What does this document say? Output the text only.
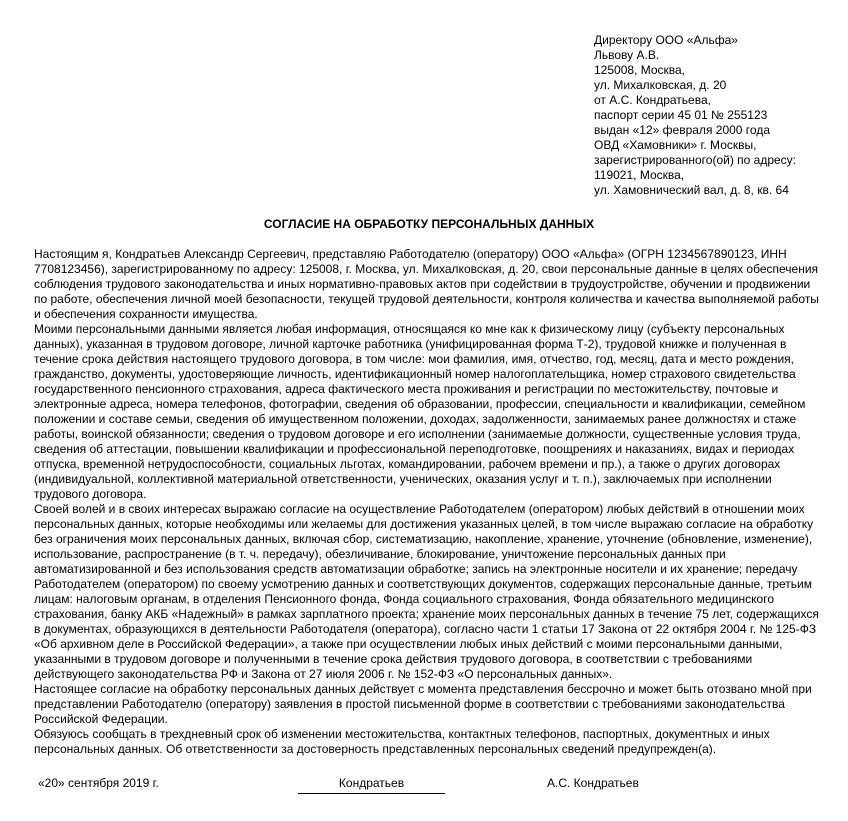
Директору ООО «Альфа»
Львову А.В.
125008, Москва,
ул. Михалковская, д. 20
от А.С. Кондратьева,
паспорт серии 45 01 № 255123
выдан «12» февраля 2000 года
ОВД «Хамовники» г. Москвы,
зарегистрированного(ой) по адресу:
119021, Москва,
ул. Хамовнический вал, д. 8, кв. 64
СОГЛАСИЕ НА ОБРАБОТКУ ПЕРСОНАЛЬНЫХ ДАННЫХ

Настоящим я, Кондратьев Александр Сергеевич, представляю Работодателю (оператору) ООО «Альфа» (ОГРН 1234567890123, ИНН 7708123456), зарегистрированному по адресу: 125008, г. Москва, ул. Михалковская, д. 20, свои персональные данные в целях обеспечения соблюдения трудового законодательства и иных нормативно-правовых актов при содействии в трудоустройстве, обучении и продвижении по работе, обеспечения личной моей безопасности, текущей трудовой деятельности, контроля количества и качества выполняемой работы и обеспечения сохранности имущества.

Моими персональными данными является любая информация, относящаяся ко мне как к физическому лицу (субъекту персональных данных), указанная в трудовом договоре, личной карточке работника (унифицированная форма Т-2), трудовой книжке и полученная в течение срока действия настоящего трудового договора, в том числе: мои фамилия, имя, отчество, год, месяц, дата и место рождения, гражданство, документы, удостоверяющие личность, идентификационный номер налогоплательщика, номер страхового свидетельства государственного пенсионного страхования, адреса фактического места проживания и регистрации по местожительству, почтовые и электронные адреса, номера телефонов, фотографии, сведения об образовании, профессии, специальности и квалификации, семейном положении и составе семьи, сведения об имущественном положении, доходах, задолженности, занимаемых ранее должностях и стаже работы, воинской обязанности; сведения о трудовом договоре и его исполнении (занимаемые должности, существенные условия труда, сведения об аттестации, повышении квалификации и профессиональной переподготовке, поощрениях и наказаниях, видах и периодах отпуска, временной нетрудоспособности, социальных льготах, командировании, рабочем времени и пр.), а также о других договорах (индивидуальной, коллективной материальной ответственности, ученических, оказания услуг и т. п.), заключаемых при исполнении трудового договора.

Своей волей и в своих интересах выражаю согласие на осуществление Работодателем (оператором) любых действий в отношении моих персональных данных, которые необходимы или желаемы для достижения указанных целей, в том числе выражаю согласие на обработку без ограничения моих персональных данных, включая сбор, систематизацию, накопление, хранение, уточнение (обновление, изменение), использование, распространение (в т. ч. передачу), обезличивание, блокирование, уничтожение персональных данных при автоматизированной и без использования средств автоматизации обработке; запись на электронные носители и их хранение; передачу Работодателем (оператором) по своему усмотрению данных и соответствующих документов, содержащих персональные данные, третьим лицам: налоговым органам, в отделения Пенсионного фонда, Фонда социального страхования, Фонда обязательного медицинского страхования, банку АКБ «Надежный» в рамках зарплатного проекта; хранение моих персональных данных в течение 75 лет, содержащихся в документах, образующихся в деятельности Работодателя (оператора), согласно части 1 статьи 17 Закона от 22 октября 2004 г. № 125-ФЗ «Об архивном деле в Российской Федерации», а также при осуществлении любых иных действий с моими персональными данными, указанными в трудовом договоре и полученными в течение срока действия трудового договора, в соответствии с требованиями действующего законодательства РФ и Закона от 27 июля 2006 г. № 152-ФЗ «О персональных данных».

Настоящее согласие на обработку персональных данных действует с момента представления бессрочно и может быть отозвано мной при представлении Работодателю (оператору) заявления в простой письменной форме в соответствии с требованиями законодательства Российской Федерации.

Обязуюсь сообщать в трехдневный срок об изменении местожительства, контактных телефонов, паспортных, документных и иных персональных данных. Об ответственности за достоверность представленных персональных сведений предупрежден(а).

«20» сентября 2019 г.	Кондратьев	А.С. Кондратьев
